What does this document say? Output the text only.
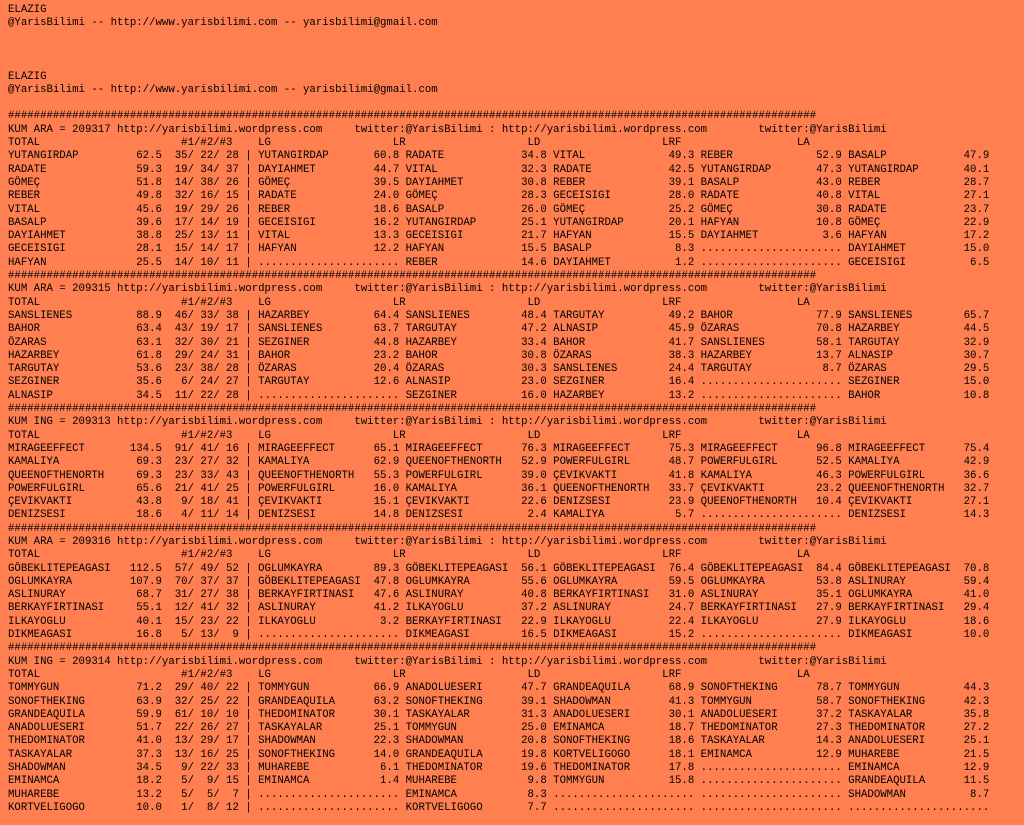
ELAZIG
@YarisBilimi -- http://www.yarisbilimi.com -- yarisbilimi@gmail.com
ELAZIG
@YarisBilimi -- http://www.yarisbilimi.com -- yarisbilimi@gmail.com

##############################################################################################################################
KUM ARA = 209317 http://yarisbilimi.wordpress.com     twitter:@YarisBilimi : http://yarisbilimi.wordpress.com        twitter:@YarisBilimi
TOTAL                      #1/#2/#3    LG                   LR                   LD                   LRF                  LA
YUTANGIRDAP         62.5  35/ 22/ 28 | YUTANGIRDAP       60.8 RADATE            34.8 VITAL             49.3 REBER             52.9 BASALP            47.9
RADATE              59.3  19/ 34/ 37 | DAYIAHMET         44.7 VITAL             32.3 RADATE            42.5 YUTANGIRDAP       47.3 YUTANGIRDAP       40.1
GÖMEÇ               51.8  14/ 38/ 26 | GÖMEÇ             39.5 DAYIAHMET         30.8 REBER             39.1 BASALP            43.0 REBER             28.7
REBER               49.8  32/ 16/ 15 | RADATE            24.0 GÖMEÇ             28.3 GECEISIGI         28.0 RADATE            40.8 VITAL             27.1
VITAL               45.6  19/ 29/ 26 | REBER             18.6 BASALP            26.0 GÖMEÇ             25.2 GÖMEÇ             30.8 RADATE            23.7
BASALP              39.6  17/ 14/ 19 | GECEISIGI         16.2 YUTANGIRDAP       25.1 YUTANGIRDAP       20.1 HAFYAN            10.8 GÖMEÇ             22.9
DAYIAHMET           38.8  25/ 13/ 11 | VITAL             13.3 GECEISIGI         21.7 HAFYAN            15.5 DAYIAHMET          3.6 HAFYAN            17.2
GECEISIGI           28.1  15/ 14/ 17 | HAFYAN            12.2 HAFYAN            15.5 BASALP             8.3 ...................... DAYIAHMET         15.0
HAFYAN              25.5  14/ 10/ 11 | ...................... REBER             14.6 DAYIAHMET          1.2 ...................... GECEISIGI          6.5
##############################################################################################################################
KUM ARA = 209315 http://yarisbilimi.wordpress.com     twitter:@YarisBilimi : http://yarisbilimi.wordpress.com        twitter:@YarisBilimi
TOTAL                      #1/#2/#3    LG                   LR                   LD                   LRF                  LA
SANSLIENES          88.9  46/ 33/ 38 | HAZARBEY          64.4 SANSLIENES        48.4 TARGUTAY          49.2 BAHOR             77.9 SANSLIENES        65.7
BAHOR               63.4  43/ 19/ 17 | SANSLIENES        63.7 TARGUTAY          47.2 ALNASIP           45.9 ÖZARAS            70.8 HAZARBEY          44.5
ÖZARAS              63.1  32/ 30/ 21 | SEZGINER          44.8 HAZARBEY          33.4 BAHOR             41.7 SANSLIENES        58.1 TARGUTAY          32.9
HAZARBEY            61.8  29/ 24/ 31 | BAHOR             23.2 BAHOR             30.8 ÖZARAS            38.3 HAZARBEY          13.7 ALNASIP           30.7
TARGUTAY            53.6  23/ 38/ 28 | ÖZARAS            20.4 ÖZARAS            30.3 SANSLIENES        24.4 TARGUTAY           8.7 ÖZARAS            29.5
SEZGINER            35.6   6/ 24/ 27 | TARGUTAY          12.6 ALNASIP           23.0 SEZGINER          16.4 ...................... SEZGINER          15.0
ALNASIP             34.5  11/ 22/ 28 | ...................... SEZGINER          16.0 HAZARBEY          13.2 ...................... BAHOR             10.8
##############################################################################################################################
KUM ING = 209313 http://yarisbilimi.wordpress.com     twitter:@YarisBilimi : http://yarisbilimi.wordpress.com        twitter:@YarisBilimi
TOTAL                      #1/#2/#3    LG                   LR                   LD                   LRF                  LA
MIRAGEEFFECT       134.5  91/ 41/ 16 | MIRAGEEFFECT      65.1 MIRAGEEFFECT      76.3 MIRAGEEFFECT      75.3 MIRAGEEFFECT      96.8 MIRAGEEFFECT      75.4
KAMALIYA            69.3  23/ 27/ 32 | KAMALIYA          62.9 QUEENOFTHENORTH   52.9 POWERFULGIRL      48.7 POWERFULGIRL      52.5 KAMALIYA          42.9
QUEENOFTHENORTH     69.3  23/ 33/ 43 | QUEENOFTHENORTH   55.3 POWERFULGIRL      39.0 ÇEVIKVAKTI        41.8 KAMALIYA          46.3 POWERFULGIRL      36.6
POWERFULGIRL        65.6  21/ 41/ 25 | POWERFULGIRL      16.0 KAMALIYA          36.1 QUEENOFTHENORTH   33.7 ÇEVIKVAKTI        23.2 QUEENOFTHENORTH   32.7
ÇEVIKVAKTI          43.8   9/ 18/ 41 | ÇEVIKVAKTI        15.1 ÇEVIKVAKTI        22.6 DENIZSESI         23.9 QUEENOFTHENORTH   10.4 ÇEVIKVAKTI        27.1
DENIZSESI           18.6   4/ 11/ 14 | DENIZSESI         14.8 DENIZSESI          2.4 KAMALIYA           5.7 ...................... DENIZSESI         14.3
##############################################################################################################################
KUM ARA = 209316 http://yarisbilimi.wordpress.com     twitter:@YarisBilimi : http://yarisbilimi.wordpress.com        twitter:@YarisBilimi
TOTAL                      #1/#2/#3    LG                   LR                   LD                   LRF                  LA
GÖBEKLITEPEAGASI   112.5  57/ 49/ 52 | OGLUMKAYRA        89.3 GÖBEKLITEPEAGASI  56.1 GÖBEKLITEPEAGASI  76.4 GÖBEKLITEPEAGASI  84.4 GÖBEKLITEPEAGASI  70.8
OGLUMKAYRA         107.9  70/ 37/ 37 | GÖBEKLITEPEAGASI  47.8 OGLUMKAYRA        55.6 OGLUMKAYRA        59.5 OGLUMKAYRA        53.8 ASLINURAY         59.4
ASLINURAY           68.7  31/ 27/ 38 | BERKAYFIRTINASI   47.6 ASLINURAY         40.8 BERKAYFIRTINASI   31.0 ASLINURAY         35.1 OGLUMKAYRA        41.0
BERKAYFIRTINASI     55.1  12/ 41/ 32 | ASLINURAY         41.2 ILKAYOGLU         37.2 ASLINURAY         24.7 BERKAYFIRTINASI   27.9 BERKAYFIRTINASI   29.4
ILKAYOGLU           40.1  15/ 23/ 22 | ILKAYOGLU          3.2 BERKAYFIRTINASI   22.9 ILKAYOGLU         22.4 ILKAYOGLU         27.9 ILKAYOGLU         18.6
DIKMEAGASI          16.8   5/ 13/  9 | ...................... DIKMEAGASI        16.5 DIKMEAGASI        15.2 ...................... DIKMEAGASI        10.0
##############################################################################################################################
KUM ING = 209314 http://yarisbilimi.wordpress.com     twitter:@YarisBilimi : http://yarisbilimi.wordpress.com        twitter:@YarisBilimi
TOTAL                      #1/#2/#3    LG                   LR                   LD                   LRF                  LA
TOMMYGUN            71.2  29/ 40/ 22 | TOMMYGUN          66.9 ANADOLUESERI      47.7 GRANDEAQUILA      68.9 SONOFTHEKING      78.7 TOMMYGUN          44.3
SONOFTHEKING        63.9  32/ 25/ 22 | GRANDEAQUILA      63.2 SONOFTHEKING      39.1 SHADOWMAN         41.3 TOMMYGUN          58.7 SONOFTHEKING      42.3
GRANDEAQUILA        59.9  61/ 10/ 10 | THEDOMINATOR      30.1 TASKAYALAR        31.3 ANADOLUESERI      30.1 ANADOLUESERI      37.2 TASKAYALAR        35.8
ANADOLUESERI        51.7  22/ 26/ 27 | TASKAYALAR        25.1 TOMMYGUN          25.0 EMINAMCA          18.7 THEDOMINATOR      27.3 THEDOMINATOR      27.2
THEDOMINATOR        41.0  13/ 29/ 17 | SHADOWMAN         22.3 SHADOWMAN         20.8 SONOFTHEKING      18.6 TASKAYALAR        14.3 ANADOLUESERI      25.1
TASKAYALAR          37.3  13/ 16/ 25 | SONOFTHEKING      14.0 GRANDEAQUILA      19.8 KORTVELIGOGO      18.1 EMINAMCA          12.9 MUHAREBE          21.5
SHADOWMAN           34.5   9/ 22/ 33 | MUHAREBE           6.1 THEDOMINATOR      19.6 THEDOMINATOR      17.8 ...................... EMINAMCA          12.9
EMINAMCA            18.2   5/  9/ 15 | EMINAMCA           1.4 MUHAREBE           9.8 TOMMYGUN          15.8 ...................... GRANDEAQUILA      11.5
MUHAREBE            13.2   5/  5/  7 | ...................... EMINAMCA           8.3 ...................... ...................... SHADOWMAN          8.7
KORTVELIGOGO        10.0   1/  8/ 12 | ...................... KORTVELIGOGO       7.7 ...................... ...................... ......................
